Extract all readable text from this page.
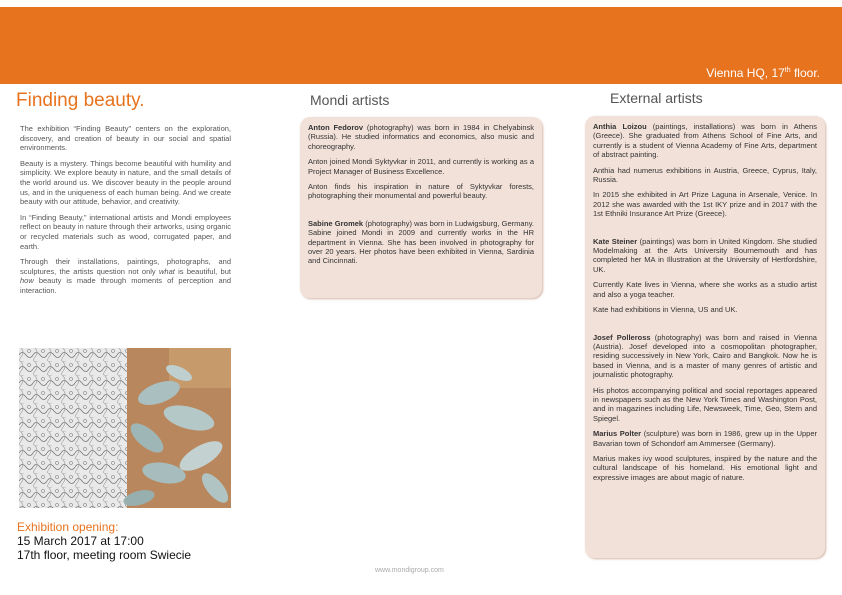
Vienna HQ, 17th floor.
Finding beauty.

The exhibition “Finding Beauty” centers on the exploration, discovery, and creation of beauty in our social and spatial environments.

Beauty is a mystery. Things become beautiful with humility and simplicity. We explore beauty in nature, and the small details of the world around us. We discover beauty in the people around us, and in the uniqueness of each human being. And we create beauty with our attitude, behavior, and creativity.

In “Finding Beauty,” international artists and Mondi employees reflect on beauty in nature through their artworks, using organic or recycled materials such as wood, corrugated paper, and earth.

Through their installations, paintings, photographs, and sculptures, the artists question not only what is beautiful, but how beauty is made through moments of perception and interaction.

Exhibition opening:
15 March 2017 at 17:00
17th floor, meeting room Swiecie
Mondi artists

Anton Fedorov (photography) was born in 1984 in Chelyabinsk (Russia). He studied informatics and economics, also music and choreography.

Anton joined Mondi Syktyvkar in 2011, and currently is working as a Project Manager of Business Excellence.

Anton finds his inspiration in nature of Syktyvkar forests, photographing their monumental and powerful beauty.

Sabine Gromek (photography) was born in Ludwigsburg, Germany. Sabine joined Mondi in 2009 and currently works in the HR department in Vienna. She has been involved in photography for over 20 years. Her photos have been exhibited in Vienna, Sardinia and Cincinnati.

External artists

Anthia Loizou (paintings, installations) was born in Athens (Greece). She graduated from Athens School of Fine Arts, and currently is a student of Vienna Academy of Fine Arts, department of abstract painting.

Anthia had numerus exhibitions in Austria, Greece, Cyprus, Italy, Russia.

In 2015 she exhibited in Art Prize Laguna in Arsenale, Venice. In 2012 she was awarded with the 1st IKY prize and in 2017 with the 1st Ethniki Insurance Art Prize (Greece).

Kate Steiner (paintings) was born in United Kingdom. She studied Modelmaking at the Arts University Bournemouth and has completed her MA in Illustration at the University of Hertfordshire, UK.

Currently Kate lives in Vienna, where she works as a studio artist and also a yoga teacher.

Kate had exhibitions in Vienna, US and UK.

Josef Polleross (photography) was born and raised in Vienna (Austria). Josef developed into a cosmopolitan photographer, residing successively in New York, Cairo and Bangkok. Now he is based in Vienna, and is a master of many genres of artistic and journalistic photography.

His photos accompanying political and social reportages appeared in newspapers such as the New York Times and Washington Post, and in magazines including Life, Newsweek, Time, Geo, Stern and Spiegel.

Marius Polter (sculpture) was born in 1986, grew up in the Upper Bavarian town of Schondorf am Ammersee (Germany).

Marius makes ivy wood sculptures, inspired by the nature and the cultural landscape of his homeland. His emotional light and expressive images are about magic of nature.

www.mondigroup.com
